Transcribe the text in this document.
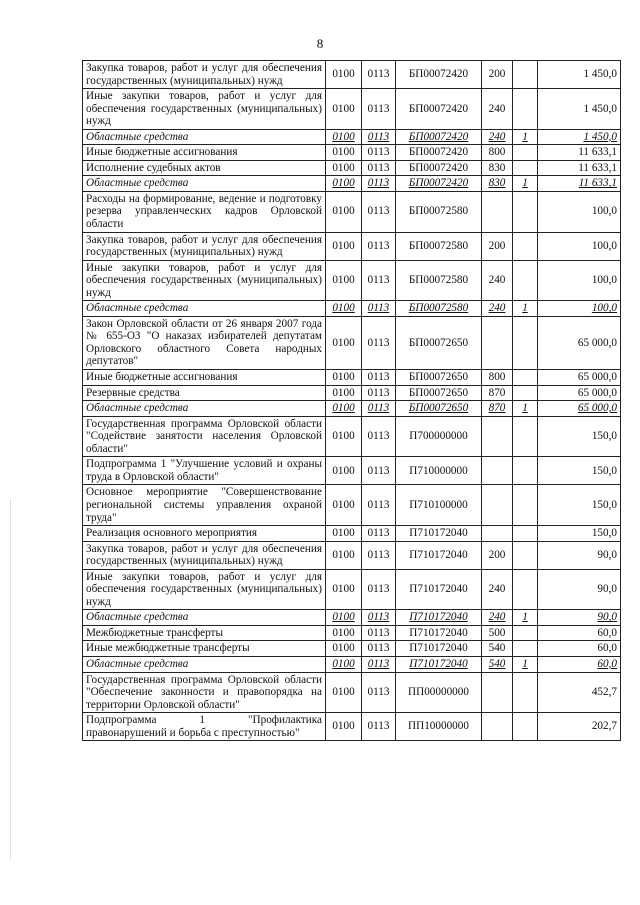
8
Закупка товаров, работ и услуг для обеспечения государственных (муниципальных) нужд	0100	0113	БП00072420	200		1 450,0
Иные закупки товаров, работ и услуг для обеспечения государственных (муниципальных) нужд	0100	0113	БП00072420	240		1 450,0
Областные средства	0100	0113	БП00072420	240	1	1 450,0
Иные бюджетные ассигнования	0100	0113	БП00072420	800		11 633,1
Исполнение судебных актов	0100	0113	БП00072420	830		11 633,1
Областные средства	0100	0113	БП00072420	830	1	11 633,1
Расходы на формирование, ведение и подготовку резерва управленческих кадров Орловской области	0100	0113	БП00072580			100,0
Закупка товаров, работ и услуг для обеспечения государственных (муниципальных) нужд	0100	0113	БП00072580	200		100,0
Иные закупки товаров, работ и услуг для обеспечения государственных (муниципальных) нужд	0100	0113	БП00072580	240		100,0
Областные средства	0100	0113	БП00072580	240	1	100,0
Закон Орловской области от 26 января 2007 года № 655-ОЗ "О наказах избирателей депутатам Орловского областного Совета народных депутатов"	0100	0113	БП00072650			65 000,0
Иные бюджетные ассигнования	0100	0113	БП00072650	800		65 000,0
Резервные средства	0100	0113	БП00072650	870		65 000,0
Областные средства	0100	0113	БП00072650	870	1	65 000,0
Государственная программа Орловской области "Содействие занятости населения Орловской области"	0100	0113	П700000000			150,0
Подпрограмма 1 "Улучшение условий и охраны труда в Орловской области"	0100	0113	П710000000			150,0
Основное мероприятие "Совершенствование региональной системы управления охраной труда"	0100	0113	П710100000			150,0
Реализация основного мероприятия	0100	0113	П710172040			150,0
Закупка товаров, работ и услуг для обеспечения государственных (муниципальных) нужд	0100	0113	П710172040	200		90,0
Иные закупки товаров, работ и услуг для обеспечения государственных (муниципальных) нужд	0100	0113	П710172040	240		90,0
Областные средства	0100	0113	П710172040	240	1	90,0
Межбюджетные трансферты	0100	0113	П710172040	500		60,0
Иные межбюджетные трансферты	0100	0113	П710172040	540		60,0
Областные средства	0100	0113	П710172040	540	1	60,0
Государственная программа Орловской области "Обеспечение законности и правопорядка на территории Орловской области"	0100	0113	ПП00000000			452,7
Подпрограмма 1 "Профилактика правонарушений и борьба с преступностью"	0100	0113	ПП10000000			202,7
